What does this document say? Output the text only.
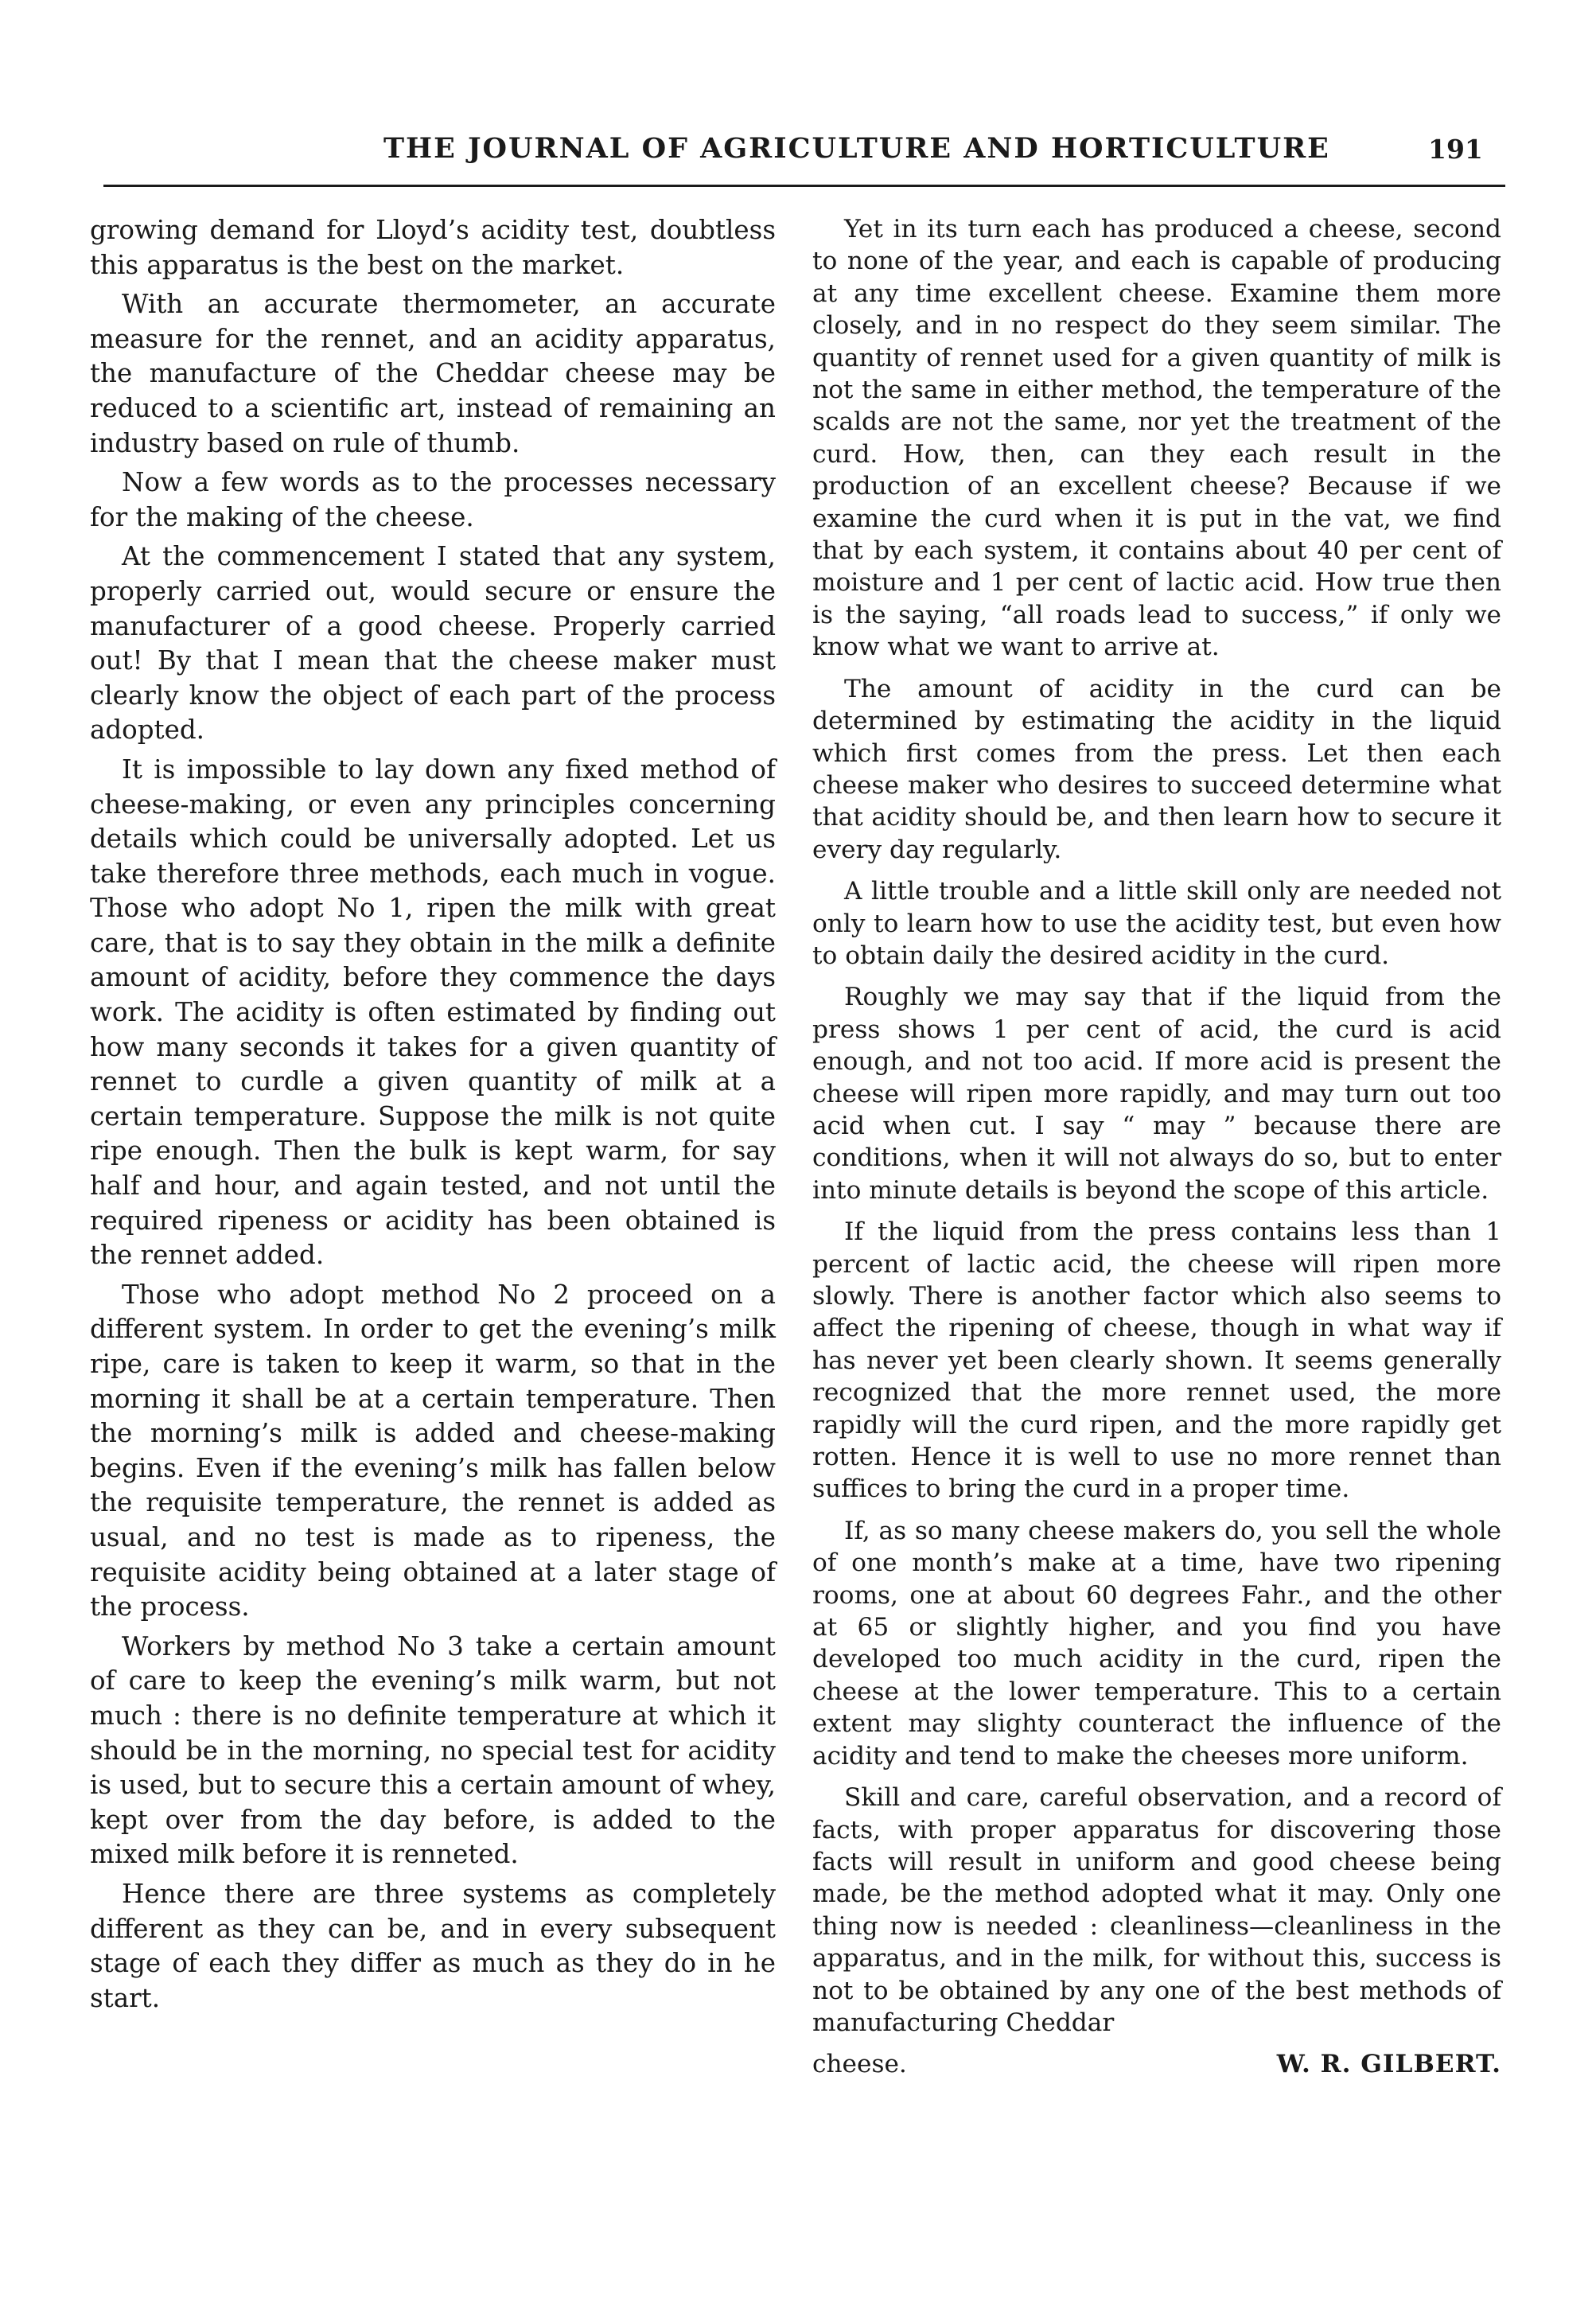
THE JOURNAL OF AGRICULTURE AND HORTICULTURE	191

growing demand for Lloyd’s acidity test, doubtless this apparatus is the best on the market.

With an accurate thermometer, an accurate measure for the rennet, and an acidity apparatus, the manufacture of the Cheddar cheese may be reduced to a scientific art, instead of remaining an industry based on rule of thumb.

Now a few words as to the processes necessary for the making of the cheese.

At the commencement I stated that any system, properly carried out, would secure or ensure the manufacturer of a good cheese. Properly carried out! By that I mean that the cheese maker must clearly know the object of each part of the process adopted.

It is impossible to lay down any fixed method of cheese-making, or even any principles concerning details which could be universally adopted. Let us take therefore three methods, each much in vogue. Those who adopt No 1, ripen the milk with great care, that is to say they obtain in the milk a definite amount of acidity, before they commence the days work. The acidity is often estimated by finding out how many seconds it takes for a given quantity of rennet to curdle a given quantity of milk at a certain temperature. Suppose the milk is not quite ripe enough. Then the bulk is kept warm, for say half and hour, and again tested, and not until the required ripeness or acidity has been obtained is the rennet added.

Those who adopt method No 2 proceed on a different system. In order to get the evening’s milk ripe, care is taken to keep it warm, so that in the morning it shall be at a certain temperature. Then the morning’s milk is added and cheese-making begins. Even if the evening’s milk has fallen below the requisite temperature, the rennet is added as usual, and no test is made as to ripeness, the requisite acidity being obtained at a later stage of the process.

Workers by method No 3 take a certain amount of care to keep the evening’s milk warm, but not much : there is no definite temperature at which it should be in the morning, no special test for acidity is used, but to secure this a certain amount of whey, kept over from the day before, is added to the mixed milk before it is renneted.

Hence there are three systems as completely different as they can be, and in every subsequent stage of each they differ as much as they do in he start.

Yet in its turn each has produced a cheese, second to none of the year, and each is capable of producing at any time excellent cheese. Examine them more closely, and in no respect do they seem similar. The quantity of rennet used for a given quantity of milk is not the same in either method, the temperature of the scalds are not the same, nor yet the treatment of the curd. How, then, can they each result in the production of an excellent cheese? Because if we examine the curd when it is put in the vat, we find that by each system, it contains about 40 per cent of moisture and 1 per cent of lactic acid. How true then is the saying, “all roads lead to success,” if only we know what we want to arrive at.

The amount of acidity in the curd can be determined by estimating the acidity in the liquid which first comes from the press. Let then each cheese maker who desires to succeed determine what that acidity should be, and then learn how to secure it every day regularly.

A little trouble and a little skill only are needed not only to learn how to use the acidity test, but even how to obtain daily the desired acidity in the curd.

Roughly we may say that if the liquid from the press shows 1 per cent of acid, the curd is acid enough, and not too acid. If more acid is present the cheese will ripen more rapidly, and may turn out too acid when cut. I say “ may ” because there are conditions, when it will not always do so, but to enter into minute details is beyond the scope of this article.

If the liquid from the press contains less than 1 percent of lactic acid, the cheese will ripen more slowly. There is another factor which also seems to affect the ripening of cheese, though in what way if has never yet been clearly shown. It seems generally recognized that the more rennet used, the more rapidly will the curd ripen, and the more rapidly get rotten. Hence it is well to use no more rennet than suffices to bring the curd in a proper time.

If, as so many cheese makers do, you sell the whole of one month’s make at a time, have two ripening rooms, one at about 60 degrees Fahr., and the other at 65 or slightly higher, and you find you have developed too much acidity in the curd, ripen the cheese at the lower temperature. This to a certain extent may slighty counteract the influence of the acidity and tend to make the cheeses more uniform.

Skill and care, careful observation, and a record of facts, with proper apparatus for discovering those facts will result in uniform and good cheese being made, be the method adopted what it may. Only one thing now is needed : cleanliness—cleanliness in the apparatus, and in the milk, for without this, success is not to be obtained by any one of the best methods of manufacturing Cheddar

cheese.	W. R. GILBERT.
